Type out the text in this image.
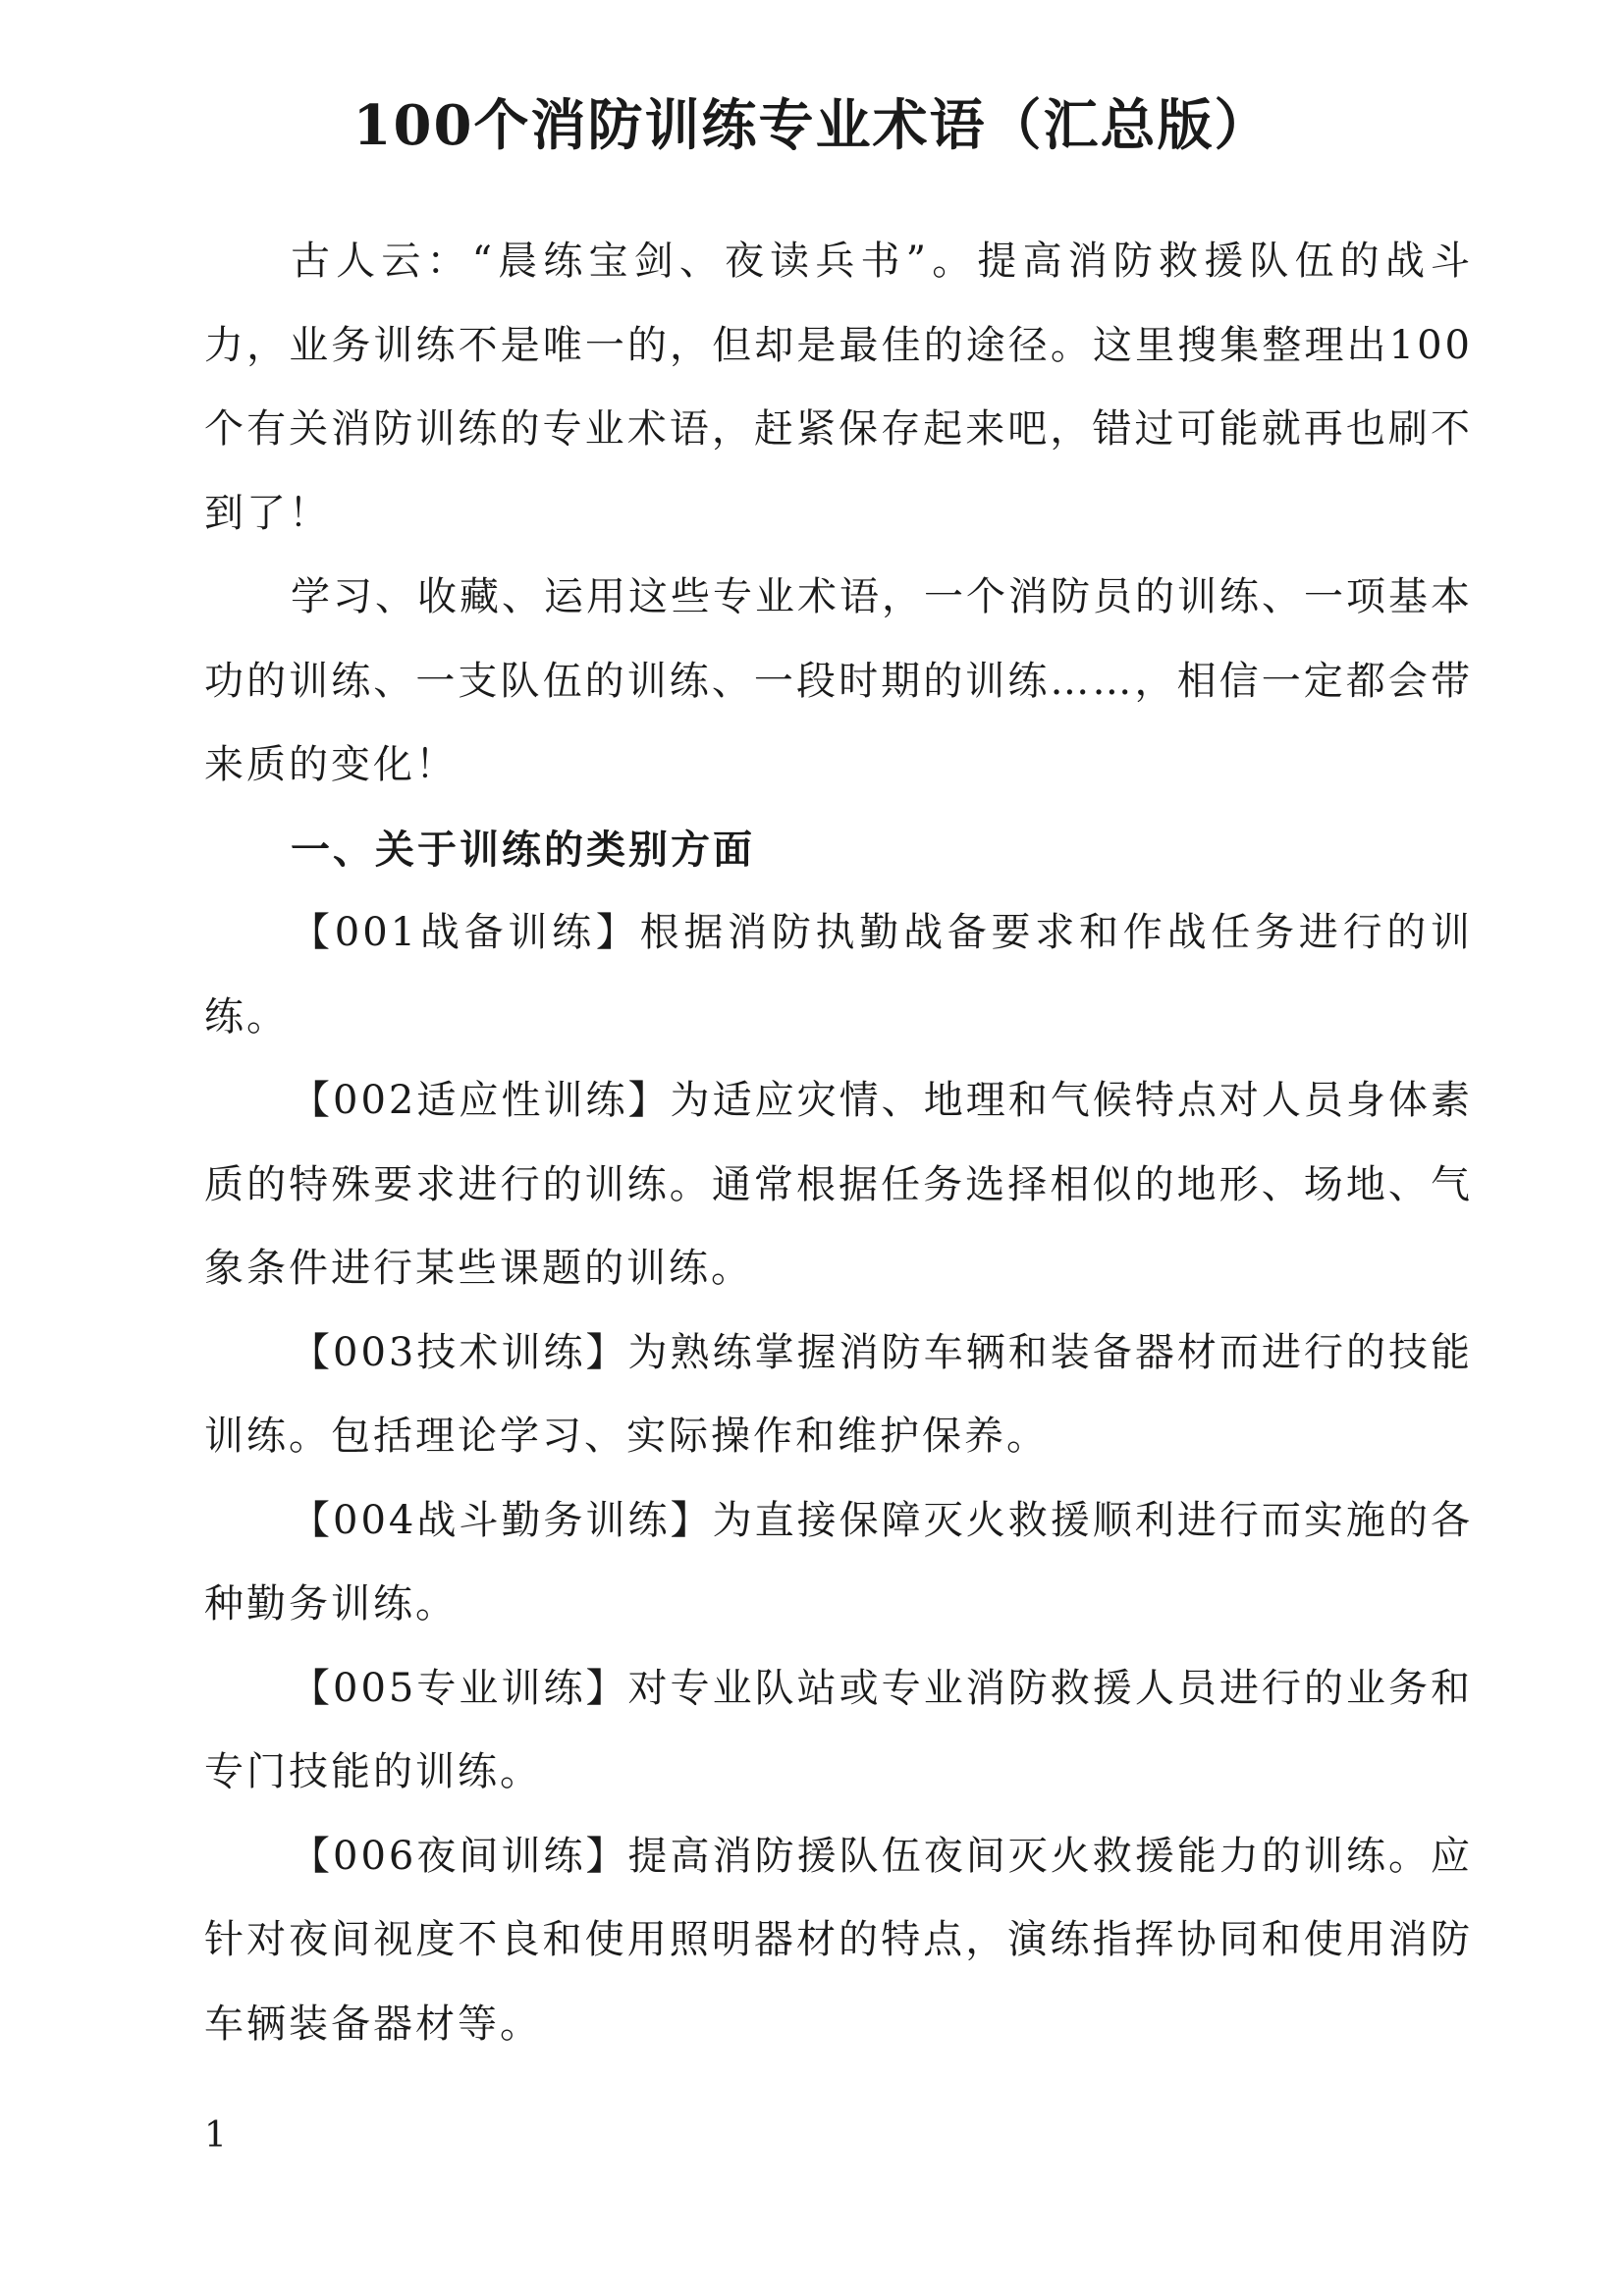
100个消防训练专业术语（汇总版）

古人云：“晨练宝剑、夜读兵书”。提高消防救援队伍的战斗力，业务训练不是唯一的，但却是最佳的途径。这里搜集整理出100个有关消防训练的专业术语，赶紧保存起来吧，错过可能就再也刷不到了！

学习、收藏、运用这些专业术语，一个消防员的训练、一项基本功的训练、一支队伍的训练、一段时期的训练……，相信一定都会带来质的变化！

一、关于训练的类别方面

【001战备训练】根据消防执勤战备要求和作战任务进行的训练。

【002适应性训练】为适应灾情、地理和气候特点对人员身体素质的特殊要求进行的训练。通常根据任务选择相似的地形、场地、气象条件进行某些课题的训练。

【003技术训练】为熟练掌握消防车辆和装备器材而进行的技能训练。包括理论学习、实际操作和维护保养。

【004战斗勤务训练】为直接保障灭火救援顺利进行而实施的各种勤务训练。

【005专业训练】对专业队站或专业消防救援人员进行的业务和专门技能的训练。

【006夜间训练】提高消防援队伍夜间灭火救援能力的训练。应针对夜间视度不良和使用照明器材的特点，演练指挥协同和使用消防车辆装备器材等。

1
